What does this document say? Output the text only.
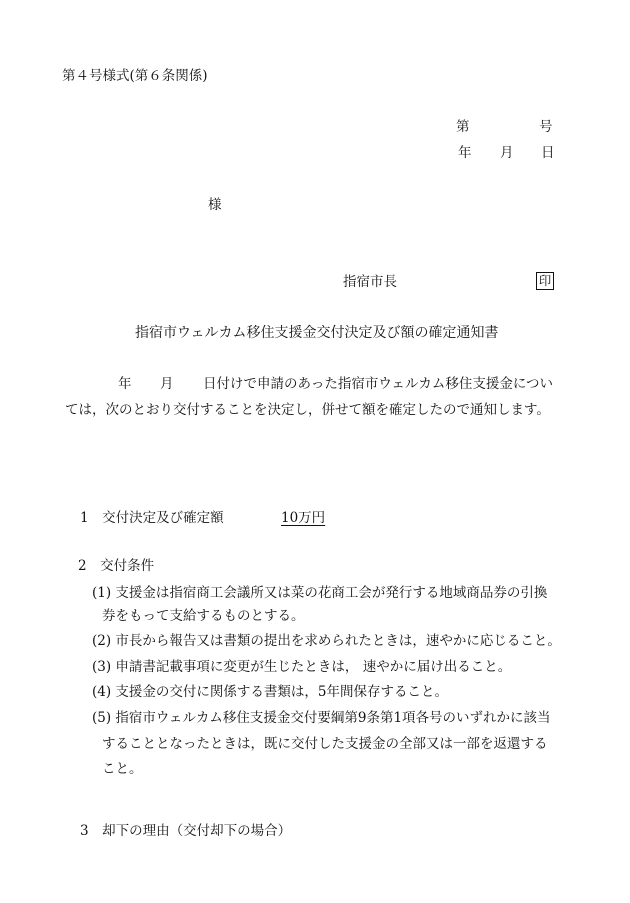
第４号様式(第６条関係)
第	号
年 月 日
様
指宿市長	印
指宿市ウェルカム移住支援金交付決定及び額の確定通知書
年 月 日付けで申請のあった指宿市ウェルカム移住支援金につい
ては，次のとおり交付することを決定し，併せて額を確定したので通知します。
1　交付決定及び確定額	10万円
2　交付条件
(1) 支援金は指宿商工会議所又は菜の花商工会が発行する地域商品券の引換
券をもって支給するものとする。
(2) 市長から報告又は書類の提出を求められたときは，速やかに応じること。
(3) 申請書記載事項に変更が生じたときは， 速やかに届け出ること。
(4) 支援金の交付に関係する書類は，5年間保存すること。
(5) 指宿市ウェルカム移住支援金交付要綱第9条第1項各号のいずれかに該当
することとなったときは，既に交付した支援金の全部又は一部を返還する
こと。
3　却下の理由（交付却下の場合）
